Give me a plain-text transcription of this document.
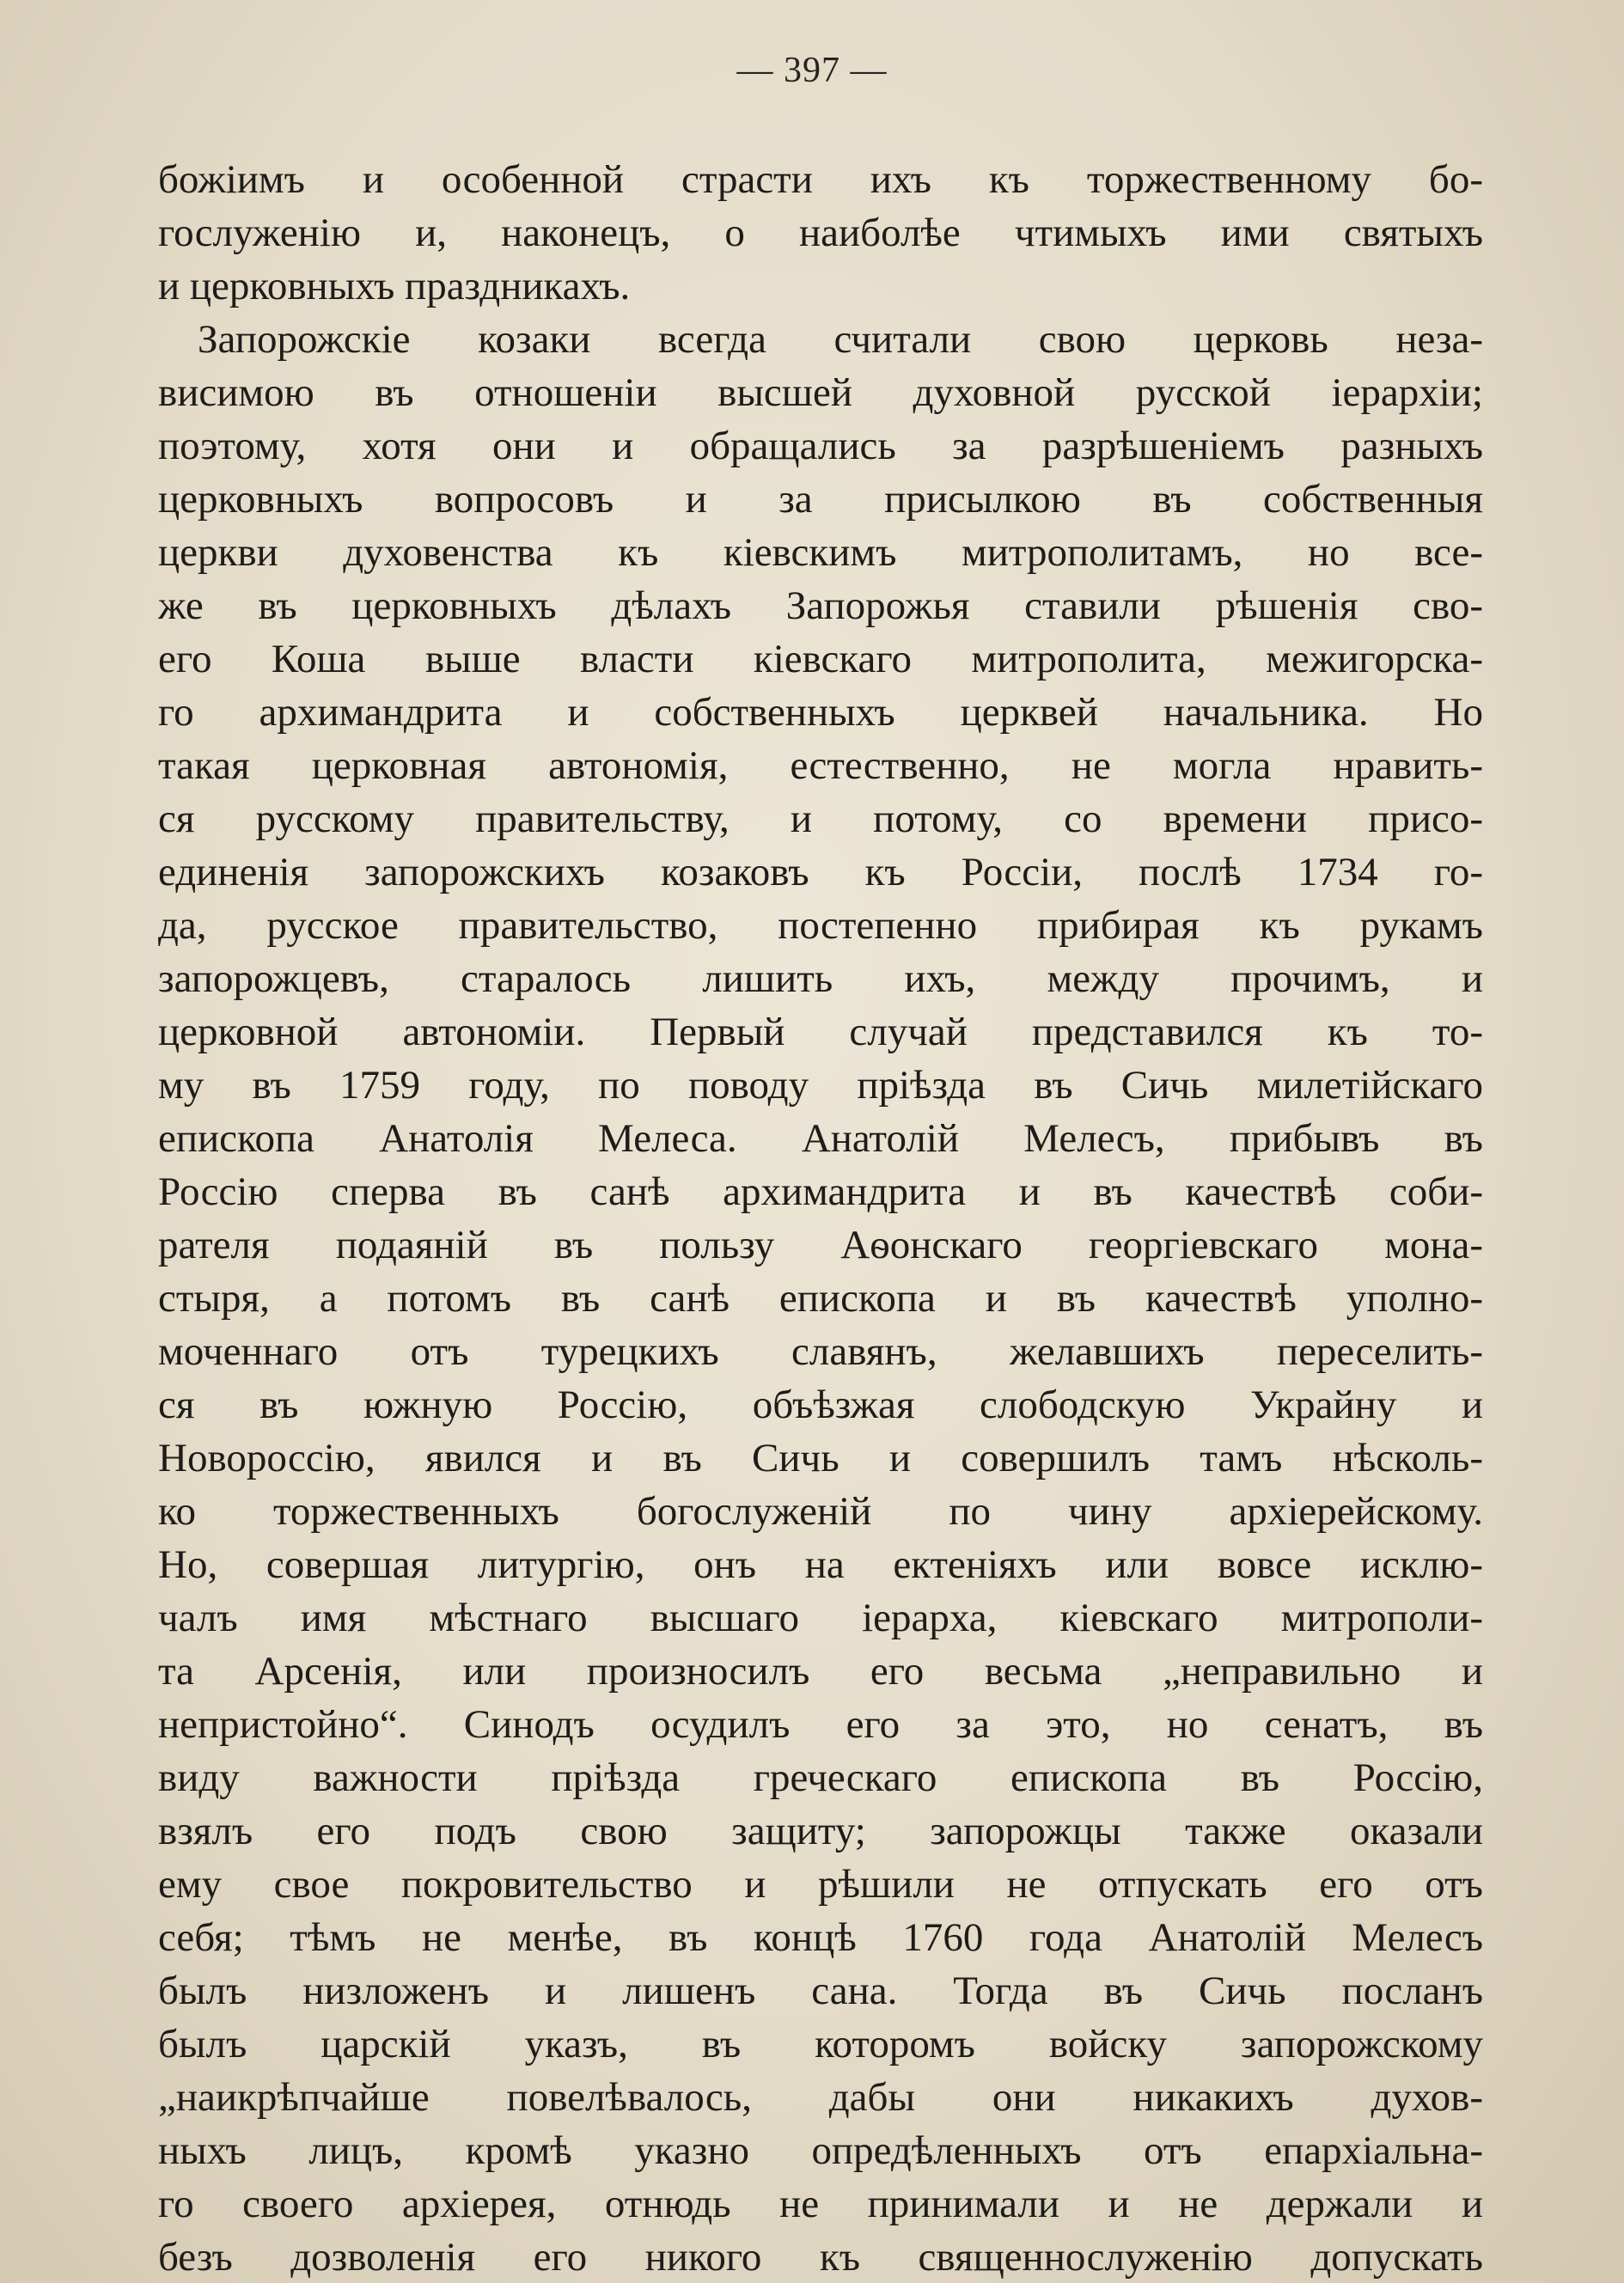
— 397 —
божіимъ и особенной страсти ихъ къ торжественному бо-
гослуженію и, наконецъ, о наиболѣе чтимыхъ ими святыхъ
и церковныхъ праздникахъ.
Запорожскіе козаки всегда считали свою церковь неза-
висимою въ отношеніи высшей духовной русской іерархіи;
поэтому, хотя они и обращались за разрѣшеніемъ разныхъ
церковныхъ вопросовъ и за присылкою въ собственныя
церкви духовенства къ кіевскимъ митрополитамъ, но все-
же въ церковныхъ дѣлахъ Запорожья ставили рѣшенія сво-
его Коша выше власти кіевскаго митрополита, межигорска-
го архимандрита и собственныхъ церквей начальника. Но
такая церковная автономія, естественно, не могла нравить-
ся русскому правительству, и потому, со времени присо-
единенія запорожскихъ козаковъ къ Россіи, послѣ 1734 го-
да, русское правительство, постепенно прибирая къ рукамъ
запорожцевъ, старалось лишить ихъ, между прочимъ, и
церковной автономіи. Первый случай представился къ то-
му въ 1759 году, по поводу пріѣзда въ Сичь милетійскаго
епископа Анатолія Мелеса. Анатолій Мелесъ, прибывъ въ
Россію сперва въ санѣ архимандрита и въ качествѣ соби-
рателя подаяній въ пользу Аѳонскаго георгіевскаго мона-
стыря, а потомъ въ санѣ епископа и въ качествѣ уполно-
моченнаго отъ турецкихъ славянъ, желавшихъ переселить-
ся въ южную Россію, объѣзжая слободскую Украйну и
Новороссію, явился и въ Сичь и совершилъ тамъ нѣсколь-
ко торжественныхъ богослуженій по чину архіерейскому.
Но, совершая литургію, онъ на ектеніяхъ или вовсе исклю-
чалъ имя мѣстнаго высшаго іерарха, кіевскаго митрополи-
та Арсенія, или произносилъ его весьма „неправильно и
непристойно“. Синодъ осудилъ его за это, но сенатъ, въ
виду важности пріѣзда греческаго епископа въ Россію,
взялъ его подъ свою защиту; запорожцы также оказали
ему свое покровительство и рѣшили не отпускать его отъ
себя; тѣмъ не менѣе, въ концѣ 1760 года Анатолій Мелесъ
былъ низложенъ и лишенъ сана. Тогда въ Сичь посланъ
былъ царскій указъ, въ которомъ войску запорожскому
„наикрѣпчайше повелѣвалось, дабы они никакихъ духов-
ныхъ лицъ, кромѣ указно опредѣленныхъ отъ епархіальна-
го своего архіерея, отнюдь не принимали и не держали и
безъ дозволенія его никого къ священнослуженію допускать
